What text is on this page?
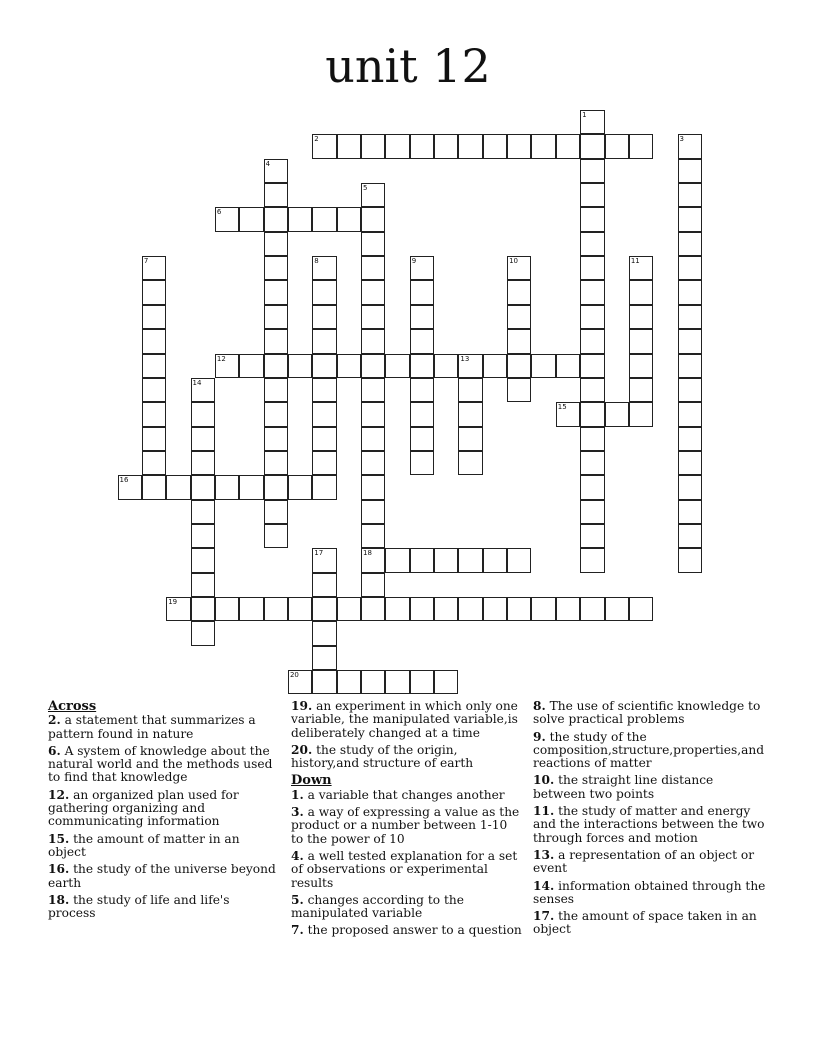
unit 12
1
2	3
4
5
18
6
7	8	9	10	11
12	13
14
15
16
17
19
20
Across
2. a statement that summarizes a pattern found in nature
6. A system of knowledge about the natural world and the methods used to find that knowledge
12. an organized plan used for gathering organizing and communicating information
15. the amount of matter in an object
16. the study of the universe beyond earth
18. the study of life and life's process
19. an experiment in which only one variable, the manipulated variable,is deliberately changed at a time
20. the study of the origin, history,and structure of earth
Down
1. a variable that changes another
3. a way of expressing a value as the product or a number between 1-10 to the power of 10
4. a well tested explanation for a set of observations or experimental results
5. changes according to the manipulated variable
7. the proposed answer to a question
8. The use of scientific knowledge to solve practical problems
9. the study of the composition,structure,properties,and reactions of matter
10. the straight line distance between two points
11. the study of matter and energy and the interactions between the two through forces and motion
13. a representation of an object or event
14. information obtained through the senses
17. the amount of space taken in an object
